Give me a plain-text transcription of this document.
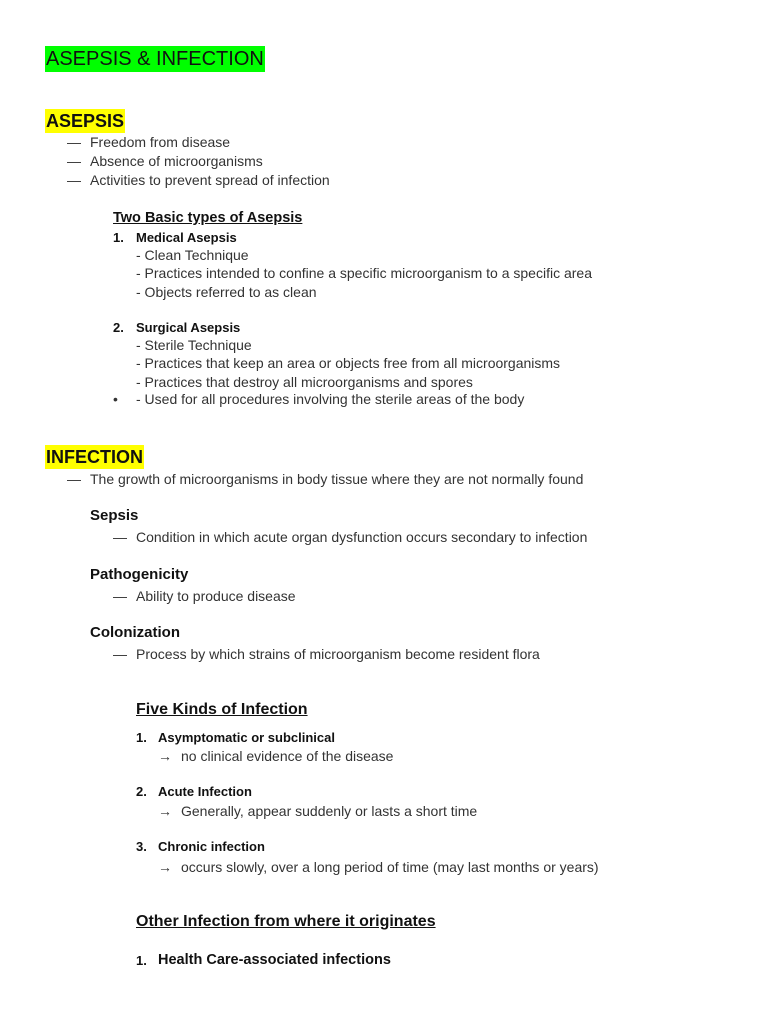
ASEPSIS & INFECTION
ASEPSIS
— Freedom from disease
— Absence of microorganisms
— Activities to prevent spread of infection
Two Basic types of Asepsis
1. Medical Asepsis
- Clean Technique
- Practices intended to confine a specific microorganism to a specific area
- Objects referred to as clean
2. Surgical Asepsis
- Sterile Technique
- Practices that keep an area or objects free from all microorganisms
- Practices that destroy all microorganisms and spores
• - Used for all procedures involving the sterile areas of the body
INFECTION
— The growth of microorganisms in body tissue where they are not normally found
Sepsis
— Condition in which acute organ dysfunction occurs secondary to infection
Pathogenicity
— Ability to produce disease
Colonization
— Process by which strains of microorganism become resident flora
Five Kinds of Infection
1. Asymptomatic or subclinical
→ no clinical evidence of the disease
2. Acute Infection
→ Generally, appear suddenly or lasts a short time
3. Chronic infection
→ occurs slowly, over a long period of time (may last months or years)
Other Infection from where it originates
1. Health Care-associated infections
